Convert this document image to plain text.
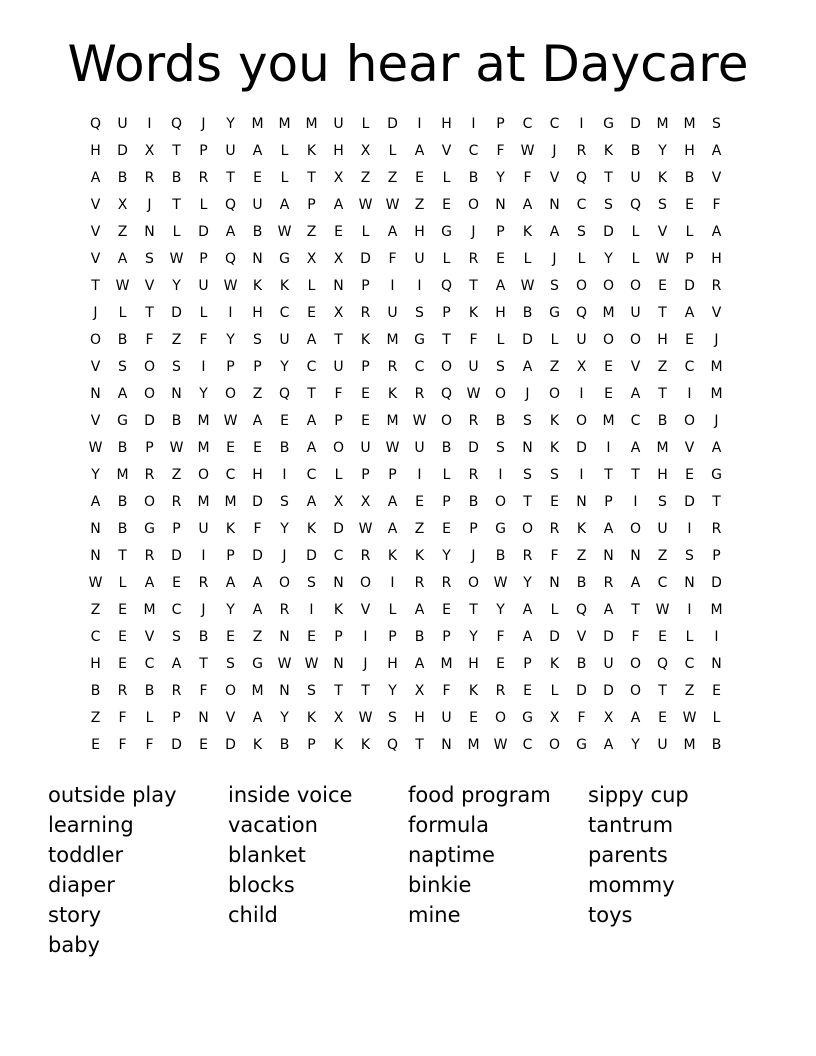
Words you hear at Daycare
Q	U	I	Q	J	Y	M	M	M	U	L	D	I	H	I	P	C	C	I	G	D	M	M	S
H	D	X	T	P	U	A	L	K	H	X	L	A	V	C	F	W	J	R	K	B	Y	H	A
A	B	R	B	R	T	E	L	T	X	Z	Z	E	L	B	Y	F	V	Q	T	U	K	B	V
V	X	J	T	L	Q	U	A	P	A	W W	Z	E	O	N	A	N	C	S	Q	S	E	F
V	Z	N	L	D	A	B	W	Z	E	L	A	H	G	J	P	K	A	S	D	L	V	L	A
V	A	S	W	P	Q	N	G	X	X	D	F	U	L	R	E	L	J	L	Y	L	W	P	H
T	W	V	Y	U	W	K	K	L	N	P	I	I	Q	T	A	W	S	O	O	O	E	D	R
J	L	T	D	L	I	H	C	E	X	R	U	S	P	K	H	B	G	Q	M	U	T	A	V
O	B	F	Z	F	Y	S	U	A	T	K	M	G	T	F	L	D	L	U	O	O	H	E	J
V	S	O	S	I	P	P	Y	C	U	P	R	C	O	U	S	A	Z	X	E	V	Z	C	M
N	A	O	N	Y	O	Z	Q	T	F	E	K	R	Q	W	O	J	O	I	E	A	T	I	M
V	G	D	B	M	W	A	E	A	P	E	M	W	O	R	B	S	K	O	M	C	B	O	J
W	B	P	W	M	E	E	B	A	O	U	W	U	B	D	S	N	K	D	I	A	M	V	A
Y	M	R	Z	O	C	H	I	C	L	P	P	I	L	R	I	S	S	I	T	T	H	E	G
A	B	O	R	M	M	D	S	A	X	X	A	E	P	B	O	T	E	N	P	I	S	D	T
N	B	G	P	U	K	F	Y	K	D	W	A	Z	E	P	G	O	R	K	A	O	U	I	R
N	T	R	D	I	P	D	J	D	C	R	K	K	Y	J	B	R	F	Z	N	N	Z	S	P
W	L	A	E	R	A	A	O	S	N	O	I	R	R	O	W	Y	N	B	R	A	C	N	D
Z	E	M	C	J	Y	A	R	I	K	V	L	A	E	T	Y	A	L	Q	A	T	W	I	M
C	E	V	S	B	E	Z	N	E	P	I	P	B	P	Y	F	A	D	V	D	F	E	L	I
H	E	C	A	T	S	G	W W	N	J	H	A	M	H	E	P	K	B	U	O	Q	C	N
B	R	B	R	F	O	M	N	S	T	T	Y	X	F	K	R	E	L	D	D	O	T	Z	E
Z	F	L	P	N	V	A	Y	K	X	W	S	H	U	E	O	G	X	F	X	A	E	W	L
E	F	F	D	E	D	K	B	P	K	K	Q	T	N	M	W	C	O	G	A	Y	U	M	B
outside play
learning
toddler
diaper
story
baby
inside voice
vacation
blanket
blocks
child
food program
formula
naptime
binkie
mine
sippy cup
tantrum
parents
mommy
toys
